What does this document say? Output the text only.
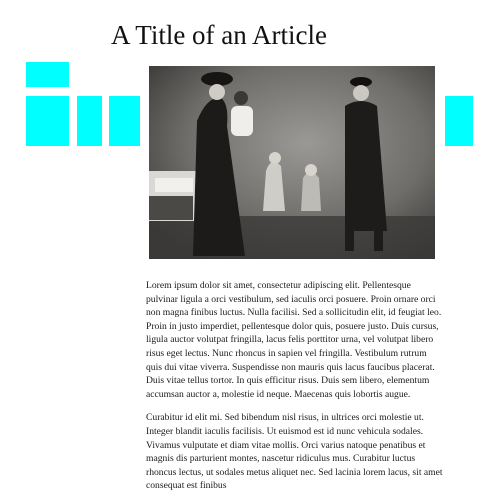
A Title of an Article

Lorem ipsum dolor sit amet, consectetur adipiscing elit. Pellentesque pulvinar ligula a orci vestibulum, sed iaculis orci posuere. Proin ornare orci non magna finibus luctus. Nulla facilisi. Sed a sollicitudin elit, id feugiat leo. Proin in justo imperdiet, pellentesque dolor quis, posuere justo. Duis cursus, ligula auctor volutpat fringilla, lacus felis porttitor urna, vel volutpat libero risus eget lectus. Nunc rhoncus in sapien vel fringilla. Vestibulum rutrum quis dui vitae viverra. Suspendisse non mauris quis lacus faucibus placerat. Duis vitae tellus tortor. In quis efficitur risus. Duis sem libero, elementum accumsan auctor a, molestie id neque. Maecenas quis lobortis augue.

Curabitur id elit mi. Sed bibendum nisl risus, in ultrices orci molestie ut. Integer blandit iaculis facilisis. Ut euismod est id nunc vehicula sodales. Vivamus vulputate et diam vitae mollis. Orci varius natoque penatibus et magnis dis parturient montes, nascetur ridiculus mus. Curabitur luctus rhoncus lectus, ut sodales metus aliquet nec. Sed lacinia lorem lacus, sit amet consequat est finibus
